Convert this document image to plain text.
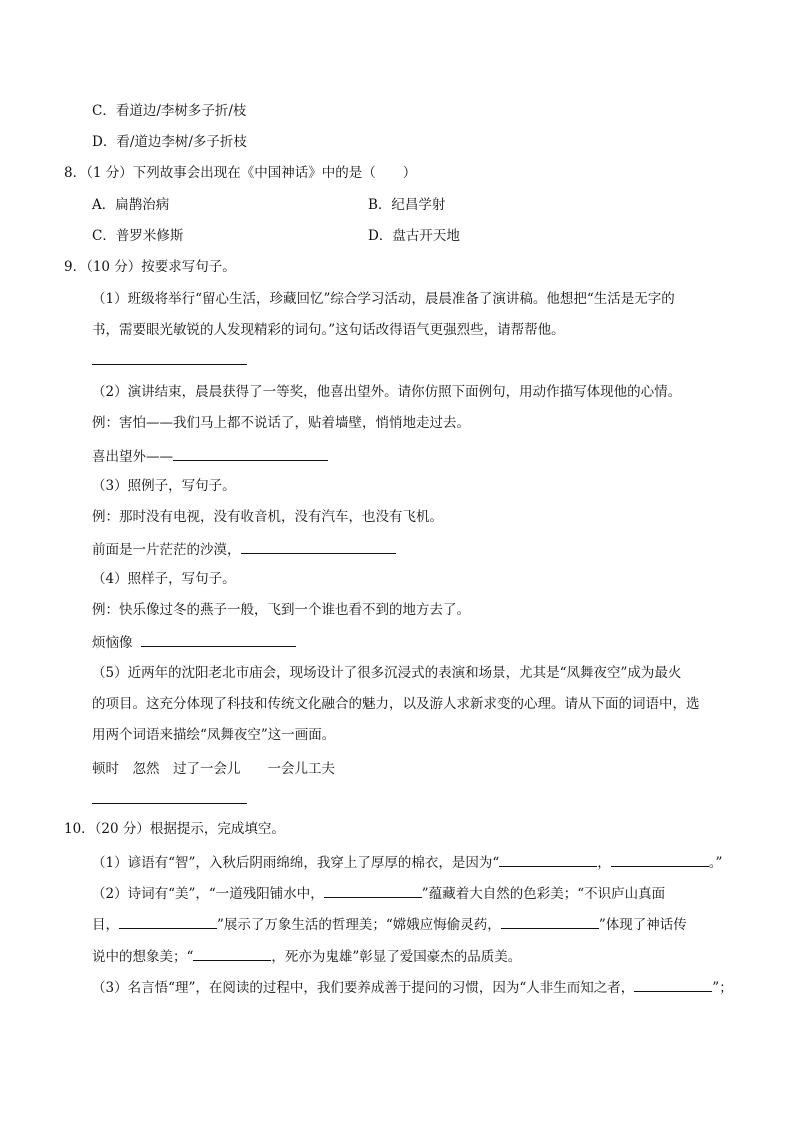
C．看道边/李树多子折/枝
D．看/道边李树/多子折枝
8．（1 分）下列故事会出现在《中国神话》中的是（　　）
A．扁鹊治病	B．纪昌学射
C．普罗米修斯	D．盘古开天地
9．（10 分）按要求写句子。
（1）班级将举行“留心生活，珍藏回忆”综合学习活动，晨晨准备了演讲稿。他想把“生活是无字的
书，需要眼光敏锐的人发现精彩的词句。”这句话改得语气更强烈些，请帮帮他。
（2）演讲结束，晨晨获得了一等奖，他喜出望外。请你仿照下面例句，用动作描写体现他的心情。
例：害怕——我们马上都不说话了，贴着墙壁，悄悄地走过去。
喜出望外——
（3）照例子，写句子。
例：那时没有电视，没有收音机，没有汽车，也没有飞机。
前面是一片茫茫的沙漠，
（4）照样子，写句子。
例：快乐像过冬的燕子一般，飞到一个谁也看不到的地方去了。
烦恼像
（5）近两年的沈阳老北市庙会，现场设计了很多沉浸式的表演和场景，尤其是“凤舞夜空”成为最火
的项目。这充分体现了科技和传统文化融合的魅力，以及游人求新求变的心理。请从下面的词语中，选
用两个词语来描绘“凤舞夜空”这一画面。
顿时　忽然　过了一会儿　　一会儿工夫
10．（20 分）根据提示，完成填空。
（1）谚语有“智”，入秋后阴雨绵绵，我穿上了厚厚的棉衣，是因为“	，	。”
（2）诗词有“美”，“一道残阳铺水中，	”蕴藏着大自然的色彩美；“不识庐山真面
目，	”展示了万象生活的哲理美；“嫦娥应悔偷灵药，	”体现了神话传
说中的想象美；“	，死亦为鬼雄”彰显了爱国豪杰的品质美。
（3）名言悟“理”，在阅读的过程中，我们要养成善于提问的习惯，因为“人非生而知之者，	”；
